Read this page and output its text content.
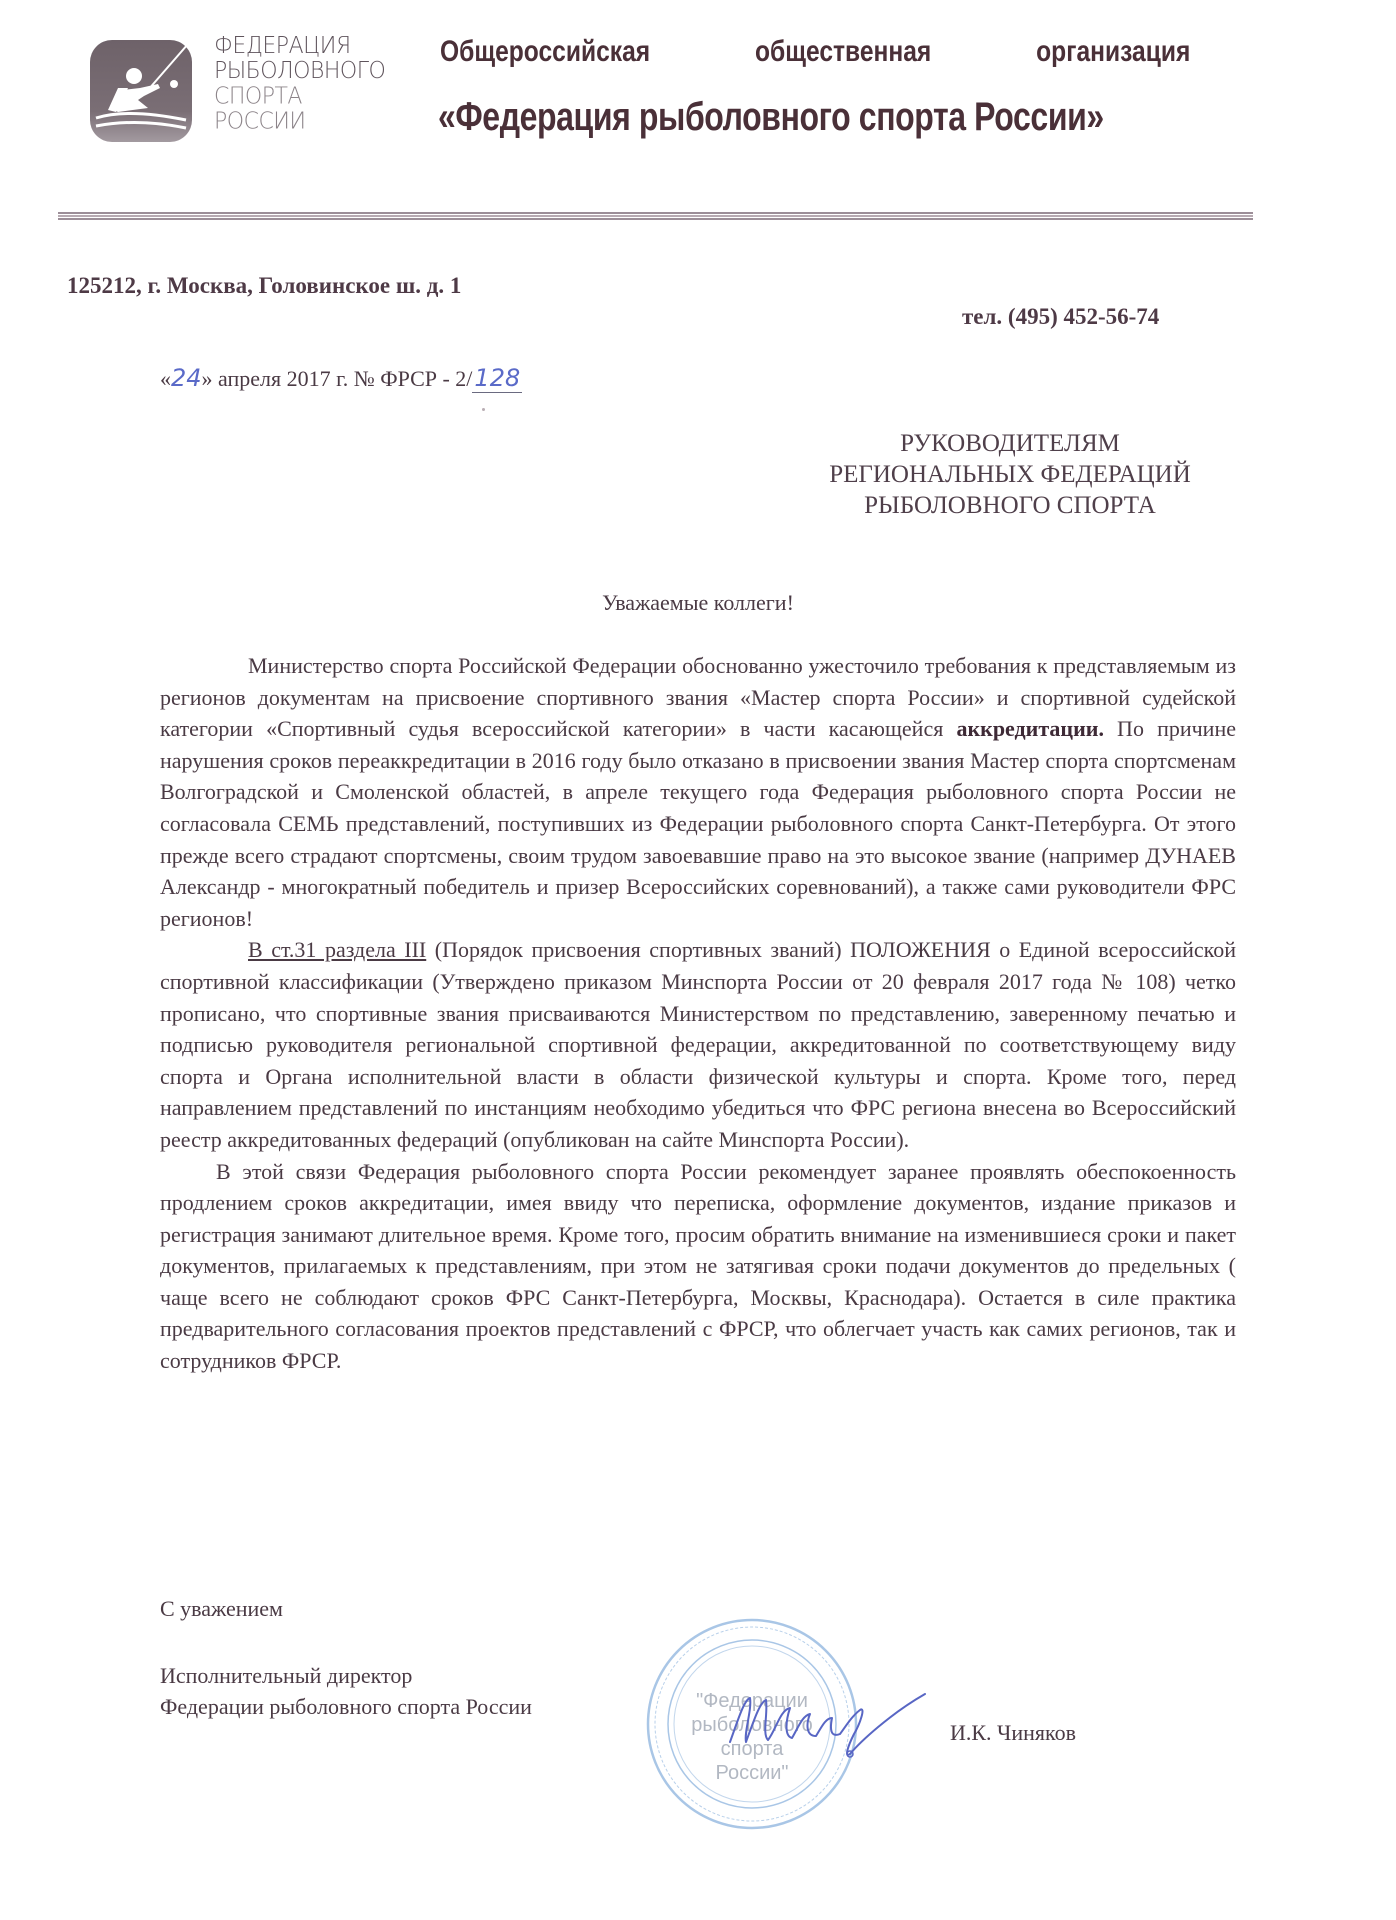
ФЕДЕРАЦИЯ
РЫБОЛОВНОГО
СПОРТА
РОССИИ
Общероссийская	общественная	организация
«Федерация рыболовного спорта России»
125212, г. Москва, Головинское ш. д. 1
тел. (495) 452-56-74
«24» апреля 2017 г. № ФРСР - 2/128
РУКОВОДИТЕЛЯМ
РЕГИОНАЛЬНЫХ ФЕДЕРАЦИЙ
РЫБОЛОВНОГО СПОРТА
Уважаемые коллеги!

Министерство спорта Российской Федерации обоснованно ужесточило требования к представляемым из регионов документам на присвоение спортивного звания «Мастер спорта России» и спортивной судейской категории «Спортивный судья всероссийской категории» в части касающейся аккредитации. По причине нарушения сроков переаккредитации в 2016 году было отказано в присвоении звания Мастер спорта спортсменам Волгоградской и Смоленской областей, в апреле текущего года Федерация рыболовного спорта России не согласовала СЕМЬ представлений, поступивших из Федерации рыболовного спорта Санкт-Петербурга. От этого прежде всего страдают спортсмены, своим трудом завоевавшие право на это высокое звание (например ДУНАЕВ Александр - многократный победитель и призер Всероссийских соревнований), а также сами руководители ФРС регионов!

В ст.31 раздела III (Порядок присвоения спортивных званий) ПОЛОЖЕНИЯ о Единой всероссийской спортивной классификации (Утверждено приказом Минспорта России от 20 февраля 2017 года № 108) четко прописано, что спортивные звания присваиваются Министерством по представлению, заверенному печатью и подписью руководителя региональной спортивной федерации, аккредитованной по соответствующему виду спорта и Органа исполнительной власти в области физической культуры и спорта. Кроме того, перед направлением представлений по инстанциям необходимо убедиться что ФРС региона внесена во Всероссийский реестр аккредитованных федераций (опубликован на сайте Минспорта России).

В этой связи Федерация рыболовного спорта России рекомендует заранее проявлять обеспокоенность продлением сроков аккредитации, имея ввиду что переписка, оформление документов, издание приказов и регистрация занимают длительное время. Кроме того, просим обратить внимание на изменившиеся сроки и пакет документов, прилагаемых к представлениям, при этом не затягивая сроки подачи документов до предельных ( чаще всего не соблюдают сроков ФРС Санкт-Петербурга, Москвы, Краснодара). Остается в силе практика предварительного согласования проектов представлений с ФРСР, что облегчает участь как самих регионов, так и сотрудников ФРСР.

С уважением
Исполнительный директор
Федерации рыболовного спорта России	"Федерации
рыболовного
спорта
России"
И.К. Чиняков
